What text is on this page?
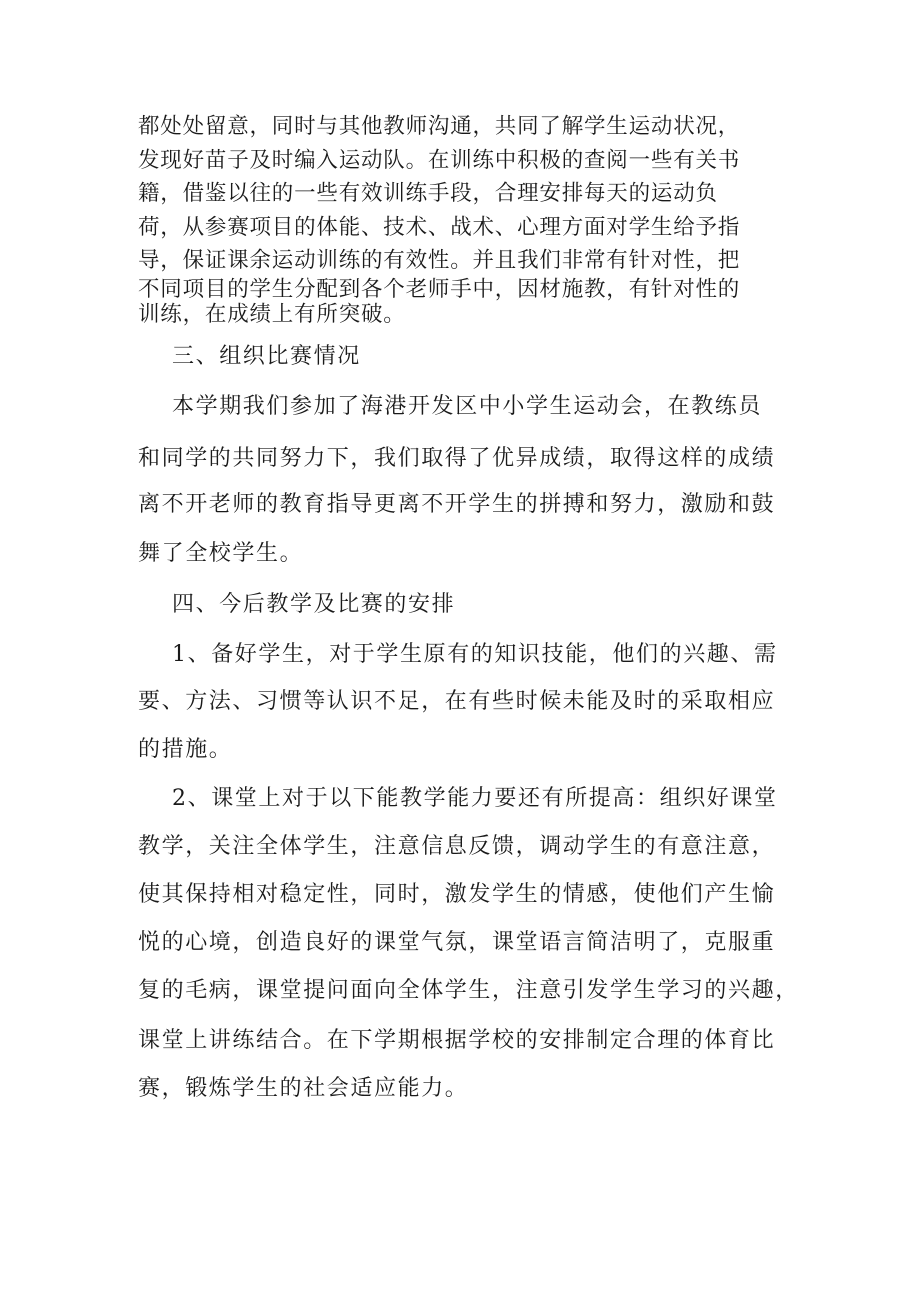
都处处留意，同时与其他教师沟通，共同了解学生运动状况，
发现好苗子及时编入运动队。在训练中积极的查阅一些有关书
籍，借鉴以往的一些有效训练手段，合理安排每天的运动负
荷，从参赛项目的体能、技术、战术、心理方面对学生给予指
导，保证课余运动训练的有效性。并且我们非常有针对性，把
不同项目的学生分配到各个老师手中，因材施教，有针对性的
训练，在成绩上有所突破。
三、组织比赛情况
本学期我们参加了海港开发区中小学生运动会，在教练员
和同学的共同努力下，我们取得了优异成绩，取得这样的成绩
离不开老师的教育指导更离不开学生的拼搏和努力，激励和鼓
舞了全校学生。
四、今后教学及比赛的安排
1、备好学生，对于学生原有的知识技能，他们的兴趣、需
要、方法、习惯等认识不足，在有些时候未能及时的采取相应
的措施。
2、课堂上对于以下能教学能力要还有所提高：组织好课堂
教学，关注全体学生，注意信息反馈，调动学生的有意注意，
使其保持相对稳定性，同时，激发学生的情感，使他们产生愉
悦的心境，创造良好的课堂气氛，课堂语言简洁明了，克服重
复的毛病，课堂提问面向全体学生，注意引发学生学习的兴趣，
课堂上讲练结合。在下学期根据学校的安排制定合理的体育比
赛，锻炼学生的社会适应能力。
